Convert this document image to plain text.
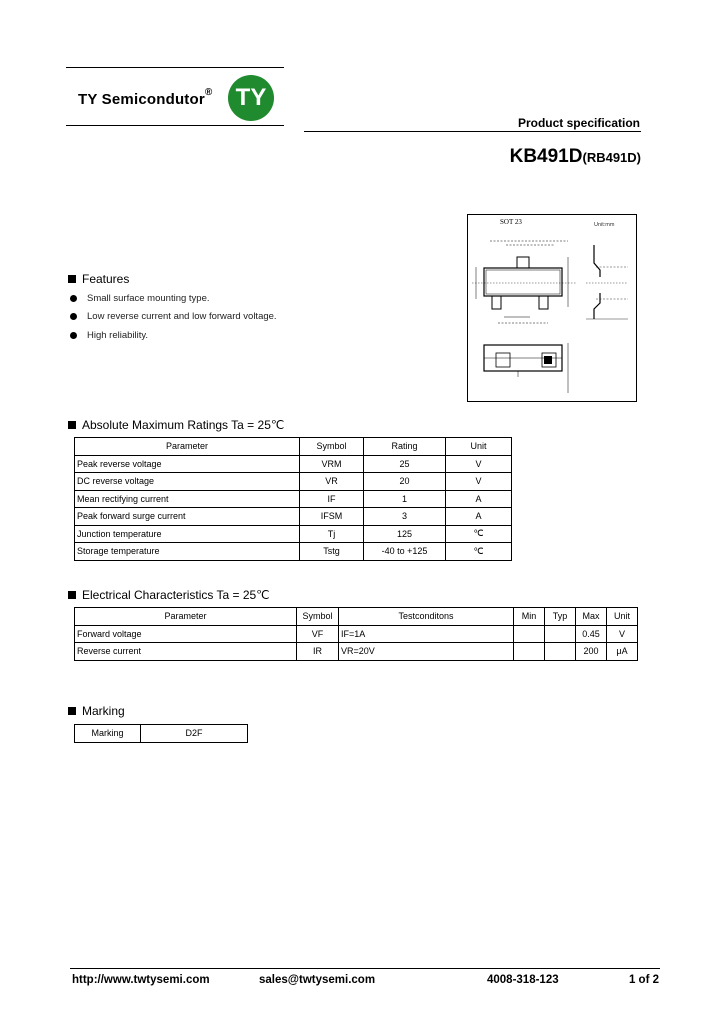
TY Semicondutor® TY
Product specification
KB491D(RB491D)
SOT 23	Unit:mm
Features
Small surface mounting type.
Low reverse current and low forward voltage.
High reliability.
Absolute Maximum Ratings Ta = 25℃
Parameter	Symbol	Rating	Unit
Peak reverse voltage	VRM	25	V
DC reverse voltage	VR	20	V
Mean rectifying current	IF	1	A
Peak forward surge current	IFSM	3	A
Junction temperature	Tj	125	℃
Storage temperature	Tstg	-40 to +125	℃
Electrical Characteristics Ta = 25℃
Parameter	Symbol	Testconditons	Min	Typ	Max	Unit
Forward voltage	VF	IF=1A			0.45	V
Reverse current	IR	VR=20V			200	μA
Marking
Marking	D2F
http://www.twtysemi.com	sales@twtysemi.com	4008-318-123	1 of 2
